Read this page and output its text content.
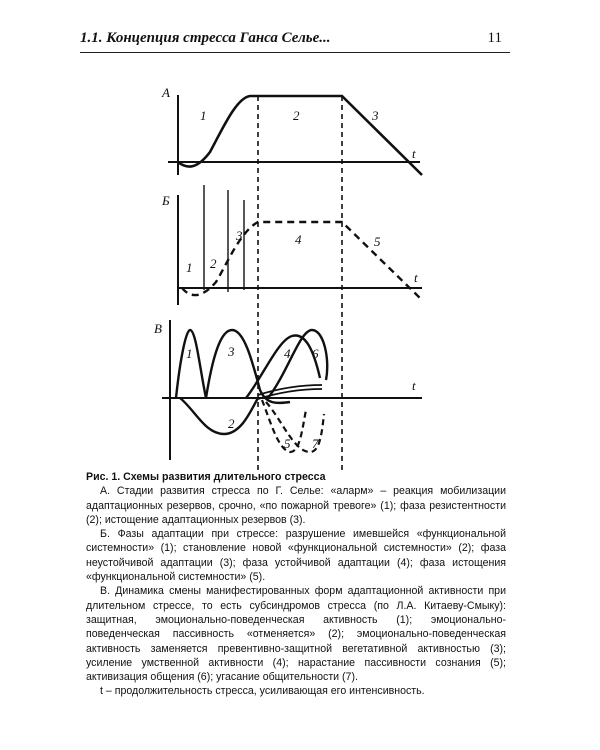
1.1. Концепция стресса Ганса Селье...	11
А
t
Б
t
В
t
1	2	3
1 2
3	4	5
1
2
3	4
5
6
7

Рис. 1. Схемы развития длительного стресса

А. Стадии развития стресса по Г. Селье: «аларм» – реакция мобилизации адаптационных резервов, срочно, «по пожарной тревоге» (1); фаза резистентности (2); истощение адаптационных резервов (3).

Б. Фазы адаптации при стрессе: разрушение имевшейся «функциональной системности» (1); становление новой «функциональной системности» (2); фаза неустойчивой адаптации (3); фаза устойчивой адаптации (4); фаза истощения «функциональной системности» (5).

В. Динамика смены манифестированных форм адаптационной активности при длительном стрессе, то есть субсиндромов стресса (по Л.А. Китаеву-Смыку): защитная, эмоционально-поведенческая активность (1); эмоционально-поведенческая пассивность «отменяется» (2); эмоционально-поведенческая активность заменяется превентивно-защитной вегетативной активностью (3); усиление умственной активности (4); нарастание пассивности сознания (5); активизация общения (6); угасание общительности (7).

t – продолжительность стресса, усиливающая его интенсивность.
